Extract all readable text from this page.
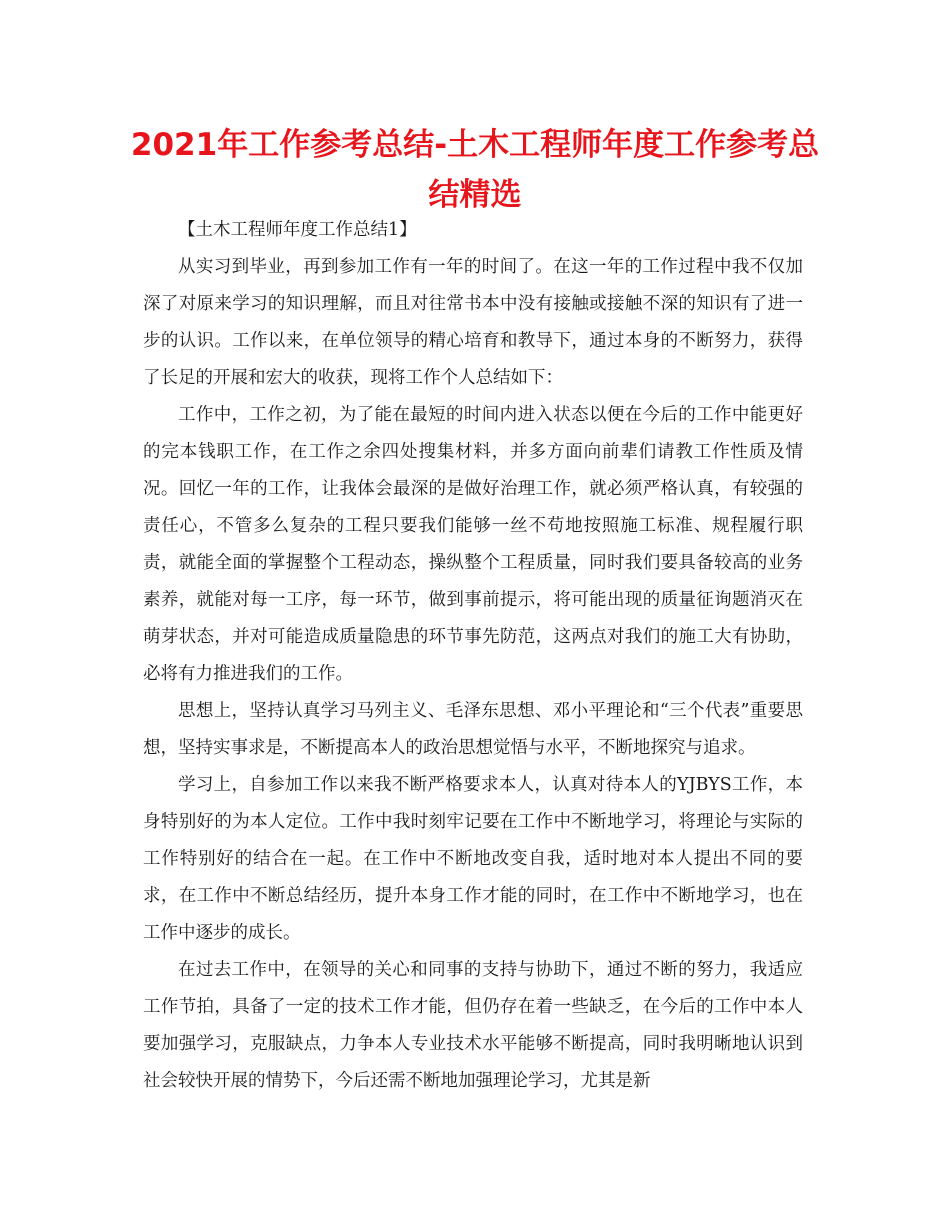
2021年工作参考总结-土木工程师年度工作参考总结精选

【土木工程师年度工作总结1】

从实习到毕业，再到参加工作有一年的时间了。在这一年的工作过程中我不仅加深了对原来学习的知识理解，而且对往常书本中没有接触或接触不深的知识有了进一步的认识。工作以来，在单位领导的精心培育和教导下，通过本身的不断努力，获得了长足的开展和宏大的收获，现将工作个人总结如下：

工作中，工作之初，为了能在最短的时间内进入状态以便在今后的工作中能更好的完本钱职工作，在工作之余四处搜集材料，并多方面向前辈们请教工作性质及情况。回忆一年的工作，让我体会最深的是做好治理工作，就必须严格认真，有较强的责任心，不管多么复杂的工程只要我们能够一丝不苟地按照施工标准、规程履行职责，就能全面的掌握整个工程动态，操纵整个工程质量，同时我们要具备较高的业务素养，就能对每一工序，每一环节，做到事前提示，将可能出现的质量征询题消灭在萌芽状态，并对可能造成质量隐患的环节事先防范，这两点对我们的施工大有协助，必将有力推进我们的工作。

思想上，坚持认真学习马列主义、毛泽东思想、邓小平理论和“三个代表”重要思想，坚持实事求是，不断提高本人的政治思想觉悟与水平，不断地探究与追求。

学习上，自参加工作以来我不断严格要求本人，认真对待本人的YJBYS工作，本身特别好的为本人定位。工作中我时刻牢记要在工作中不断地学习，将理论与实际的工作特别好的结合在一起。在工作中不断地改变自我，适时地对本人提出不同的要求，在工作中不断总结经历，提升本身工作才能的同时，在工作中不断地学习，也在工作中逐步的成长。

在过去工作中，在领导的关心和同事的支持与协助下，通过不断的努力，我适应工作节拍，具备了一定的技术工作才能，但仍存在着一些缺乏，在今后的工作中本人要加强学习，克服缺点，力争本人专业技术水平能够不断提高，同时我明晰地认识到社会较快开展的情势下，今后还需不断地加强理论学习，尤其是新
